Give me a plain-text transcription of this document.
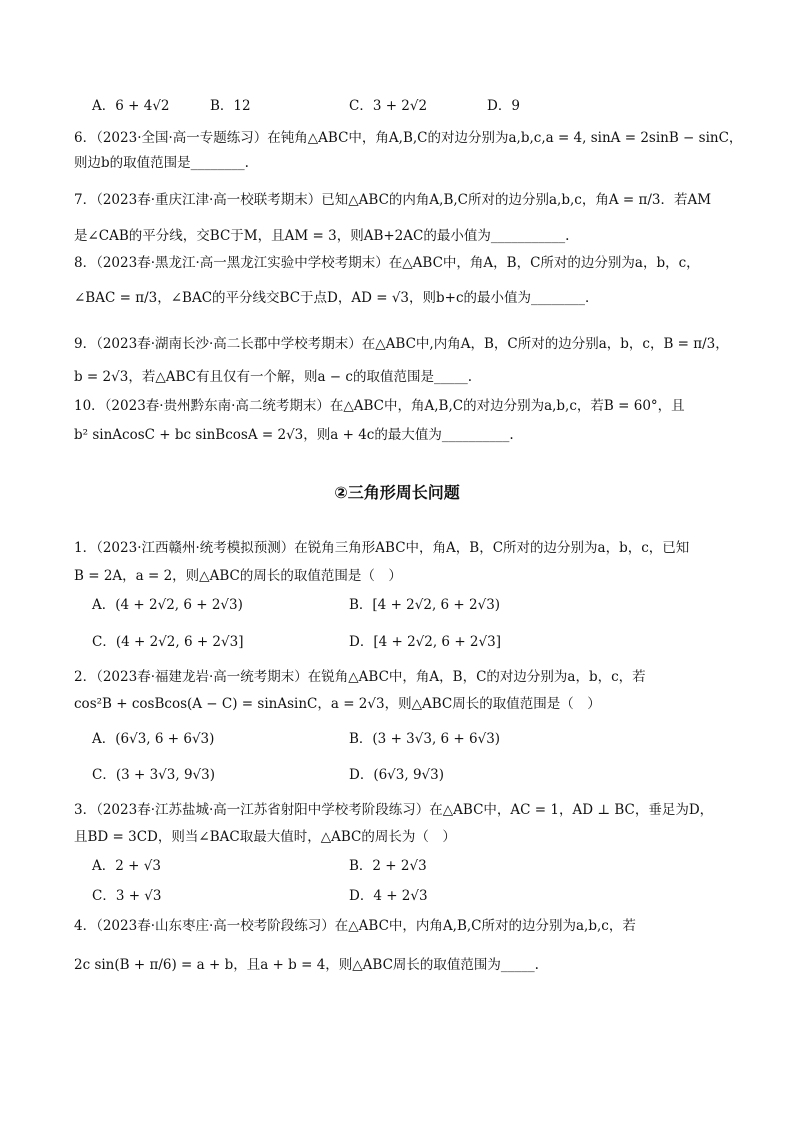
A．6 + 4√2	B．12	C．3 + 2√2	D．9
6．（2023·全国·高一专题练习）在钝角△ABC中，角A,B,C的对边分别为a,b,c,a = 4, sinA = 2sinB − sinC，
则边b的取值范围是________.
7．（2023春·重庆江津·高一校联考期末）已知△ABC的内角A,B,C所对的边分别a,b,c，角A = π/3．若AM
是∠CAB的平分线，交BC于M，且AM = 3，则AB+2AC的最小值为___________.
8．（2023春·黑龙江·高一黑龙江实验中学校考期末）在△ABC中，角A，B，C所对的边分别为a，b，c，
∠BAC = π/3，∠BAC的平分线交BC于点D，AD = √3，则b+c的最小值为________．
9．（2023春·湖南长沙·高二长郡中学校考期末）在△ABC中,内角A，B，C所对的边分别a，b，c，B = π/3，
b = 2√3，若△ABC有且仅有一个解，则a − c的取值范围是_____.
10．（2023春·贵州黔东南·高二统考期末）在△ABC中，角A,B,C的对边分别为a,b,c，若B = 60°，且
b² sinAcosC + bc sinBcosA = 2√3，则a + 4c的最大值为__________.
②三角形周长问题
1．（2023·江西赣州·统考模拟预测）在锐角三角形ABC中，角A，B，C所对的边分别为a，b，c，已知
B = 2A，a = 2，则△ABC的周长的取值范围是（　）
A．(4 + 2√2, 6 + 2√3)	B．[4 + 2√2, 6 + 2√3)
C．(4 + 2√2, 6 + 2√3]	D．[4 + 2√2, 6 + 2√3]
2．（2023春·福建龙岩·高一统考期末）在锐角△ABC中，角A，B，C的对边分别为a，b，c，若
cos²B + cosBcos(A − C) = sinAsinC，a = 2√3，则△ABC周长的取值范围是（　）
A．(6√3, 6 + 6√3)	B．(3 + 3√3, 6 + 6√3)
C．(3 + 3√3, 9√3)	D．(6√3, 9√3)
3．（2023春·江苏盐城·高一江苏省射阳中学校考阶段练习）在△ABC中，AC = 1，AD ⊥ BC，垂足为D，
且BD = 3CD，则当∠BAC取最大值时，△ABC的周长为（　）
A．2 + √3	B．2 + 2√3
C．3 + √3	D．4 + 2√3
4．（2023春·山东枣庄·高一校考阶段练习）在△ABC中，内角A,B,C所对的边分别为a,b,c，若
2c sin(B + π/6) = a + b，且a + b = 4，则△ABC周长的取值范围为_____.
